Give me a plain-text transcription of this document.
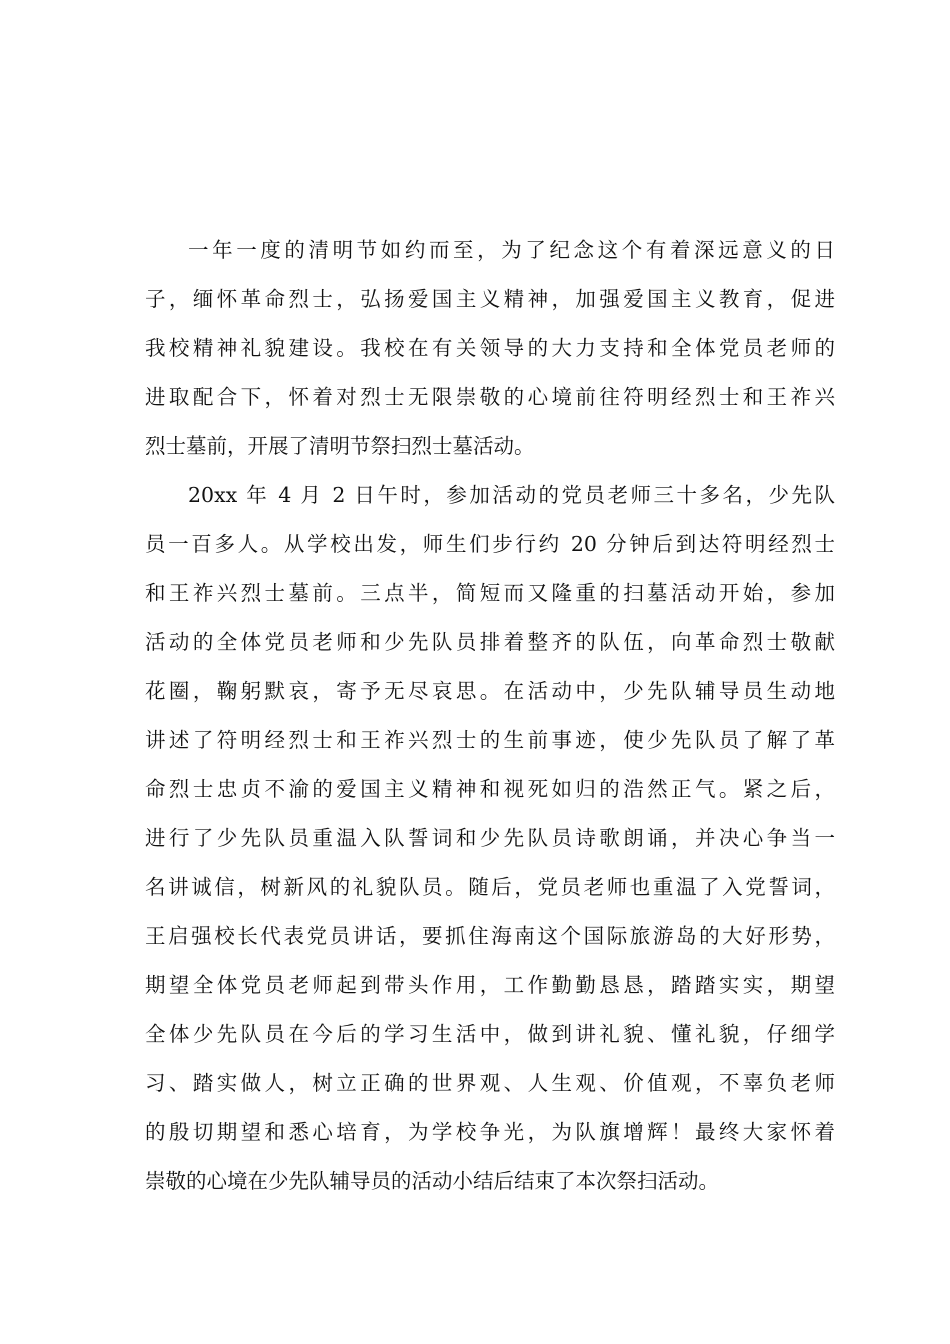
一年一度的清明节如约而至，为了纪念这个有着深远意义的日
子，缅怀革命烈士，弘扬爱国主义精神，加强爱国主义教育，促进
我校精神礼貌建设。我校在有关领导的大力支持和全体党员老师的
进取配合下，怀着对烈士无限崇敬的心境前往符明经烈士和王祚兴
烈士墓前，开展了清明节祭扫烈士墓活动。
20xx 年 4 月 2 日午时，参加活动的党员老师三十多名，少先队
员一百多人。从学校出发，师生们步行约 20 分钟后到达符明经烈士
和王祚兴烈士墓前。三点半，简短而又隆重的扫墓活动开始，参加
活动的全体党员老师和少先队员排着整齐的队伍，向革命烈士敬献
花圈，鞠躬默哀，寄予无尽哀思。在活动中，少先队辅导员生动地
讲述了符明经烈士和王祚兴烈士的生前事迹，使少先队员了解了革
命烈士忠贞不渝的爱国主义精神和视死如归的浩然正气。紧之后，
进行了少先队员重温入队誓词和少先队员诗歌朗诵，并决心争当一
名讲诚信，树新风的礼貌队员。随后，党员老师也重温了入党誓词，
王启强校长代表党员讲话，要抓住海南这个国际旅游岛的大好形势，
期望全体党员老师起到带头作用，工作勤勤恳恳，踏踏实实，期望
全体少先队员在今后的学习生活中，做到讲礼貌、懂礼貌，仔细学
习、踏实做人，树立正确的世界观、人生观、价值观，不辜负老师
的殷切期望和悉心培育，为学校争光，为队旗增辉！最终大家怀着
崇敬的心境在少先队辅导员的活动小结后结束了本次祭扫活动。
